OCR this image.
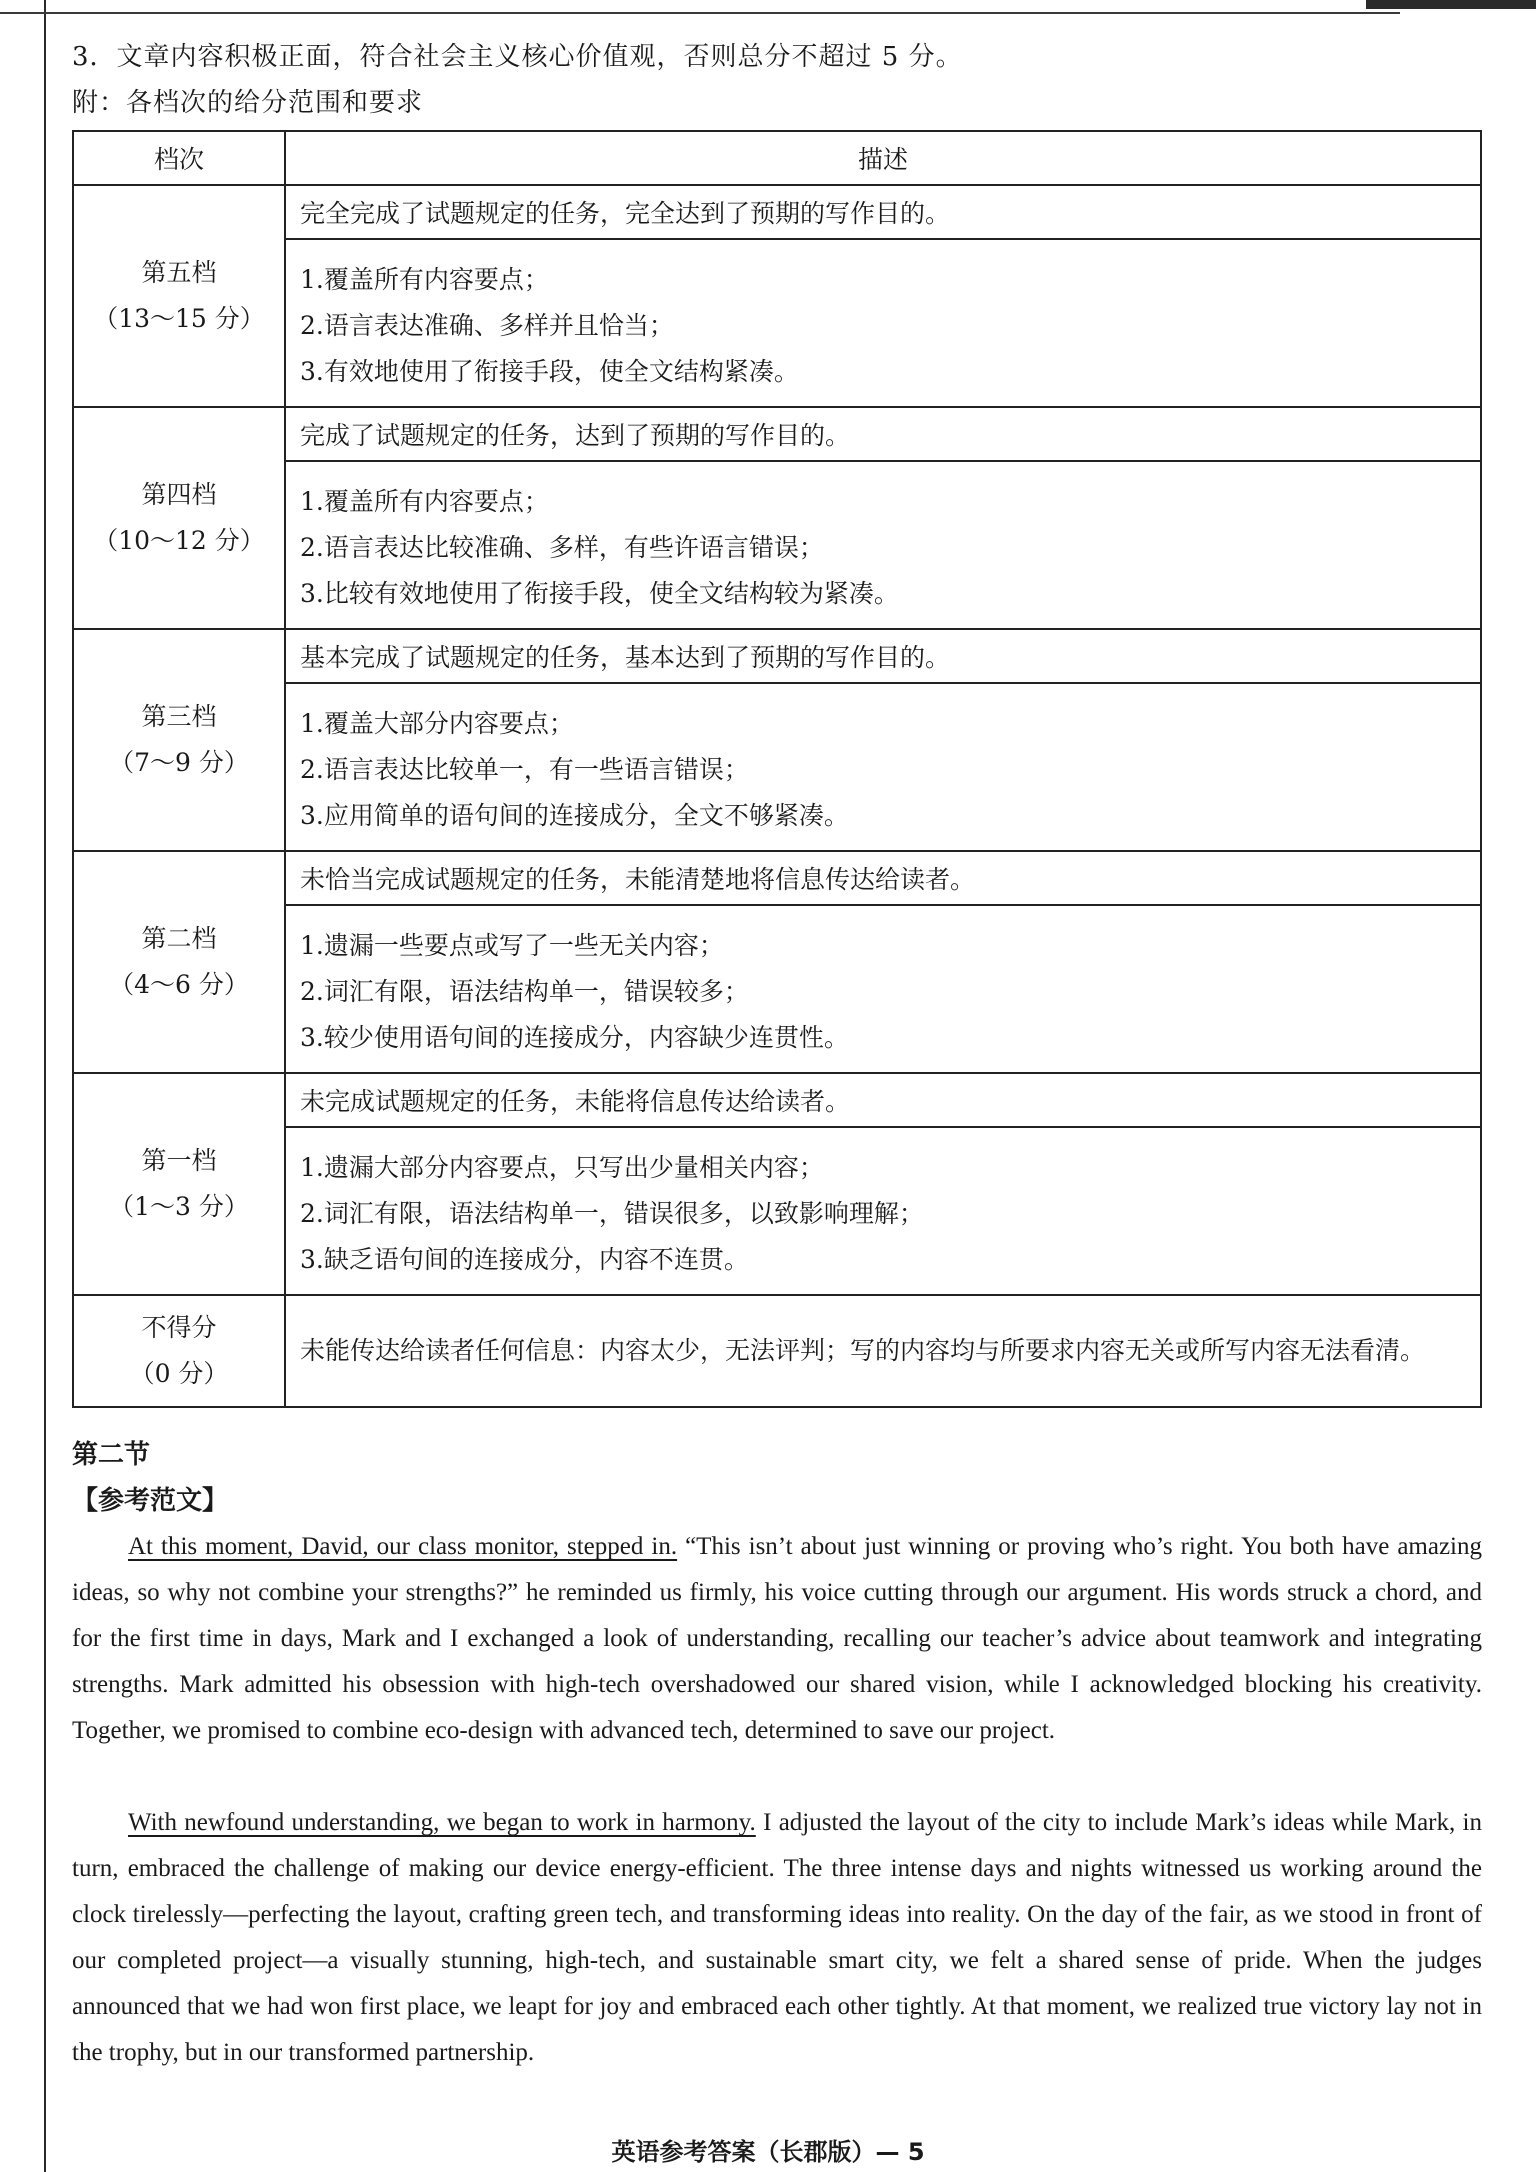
3．文章内容积极正面，符合社会主义核心价值观，否则总分不超过 5 分。
附：各档次的给分范围和要求
档次	描述

第五档
（13～15 分）	完全完成了试题规定的任务，完全达到了预期的写作目的。

	1.覆盖所有内容要点；
2.语言表达准确、多样并且恰当；
3.有效地使用了衔接手段，使全文结构紧凑。

第四档
（10～12 分）	完成了试题规定的任务，达到了预期的写作目的。

	1.覆盖所有内容要点；
2.语言表达比较准确、多样，有些许语言错误；
3.比较有效地使用了衔接手段，使全文结构较为紧凑。

第三档
（7～9 分）	基本完成了试题规定的任务，基本达到了预期的写作目的。

	1.覆盖大部分内容要点；
2.语言表达比较单一，有一些语言错误；
3.应用简单的语句间的连接成分，全文不够紧凑。

第二档
（4～6 分）	未恰当完成试题规定的任务，未能清楚地将信息传达给读者。

	1.遗漏一些要点或写了一些无关内容；
2.词汇有限，语法结构单一，错误较多；
3.较少使用语句间的连接成分，内容缺少连贯性。

第一档
（1～3 分）	未完成试题规定的任务，未能将信息传达给读者。

	1.遗漏大部分内容要点，只写出少量相关内容；
2.词汇有限，语法结构单一，错误很多，以致影响理解；
3.缺乏语句间的连接成分，内容不连贯。

不得分
（0 分）	未能传达给读者任何信息：内容太少，无法评判；写的内容均与所要求内容无关或所写内容无法看清。
第二节
【参考范文】

At this moment, David, our class monitor, stepped in. “This isn’t about just winning or proving who’s right. You both have amazing ideas, so why not combine your strengths?” he reminded us firmly, his voice cutting through our argument. His words struck a chord, and for the first time in days, Mark and I exchanged a look of understanding, recalling our teacher’s advice about teamwork and integrating strengths. Mark admitted his obsession with high-tech overshadowed our shared vision, while I acknowledged blocking his creativity. Together, we promised to combine eco-design with advanced tech, determined to save our project.

With newfound understanding, we began to work in harmony. I adjusted the layout of the city to include Mark’s ideas while Mark, in turn, embraced the challenge of making our device energy-efficient. The three intense days and nights witnessed us working around the clock tirelessly—perfecting the layout, crafting green tech, and transforming ideas into reality. On the day of the fair, as we stood in front of our completed project—a visually stunning, high-tech, and sustainable smart city, we felt a shared sense of pride. When the judges announced that we had won first place, we leapt for joy and embraced each other tightly. At that moment, we realized true victory lay not in the trophy, but in our transformed partnership.

英语参考答案（长郡版）— 5
